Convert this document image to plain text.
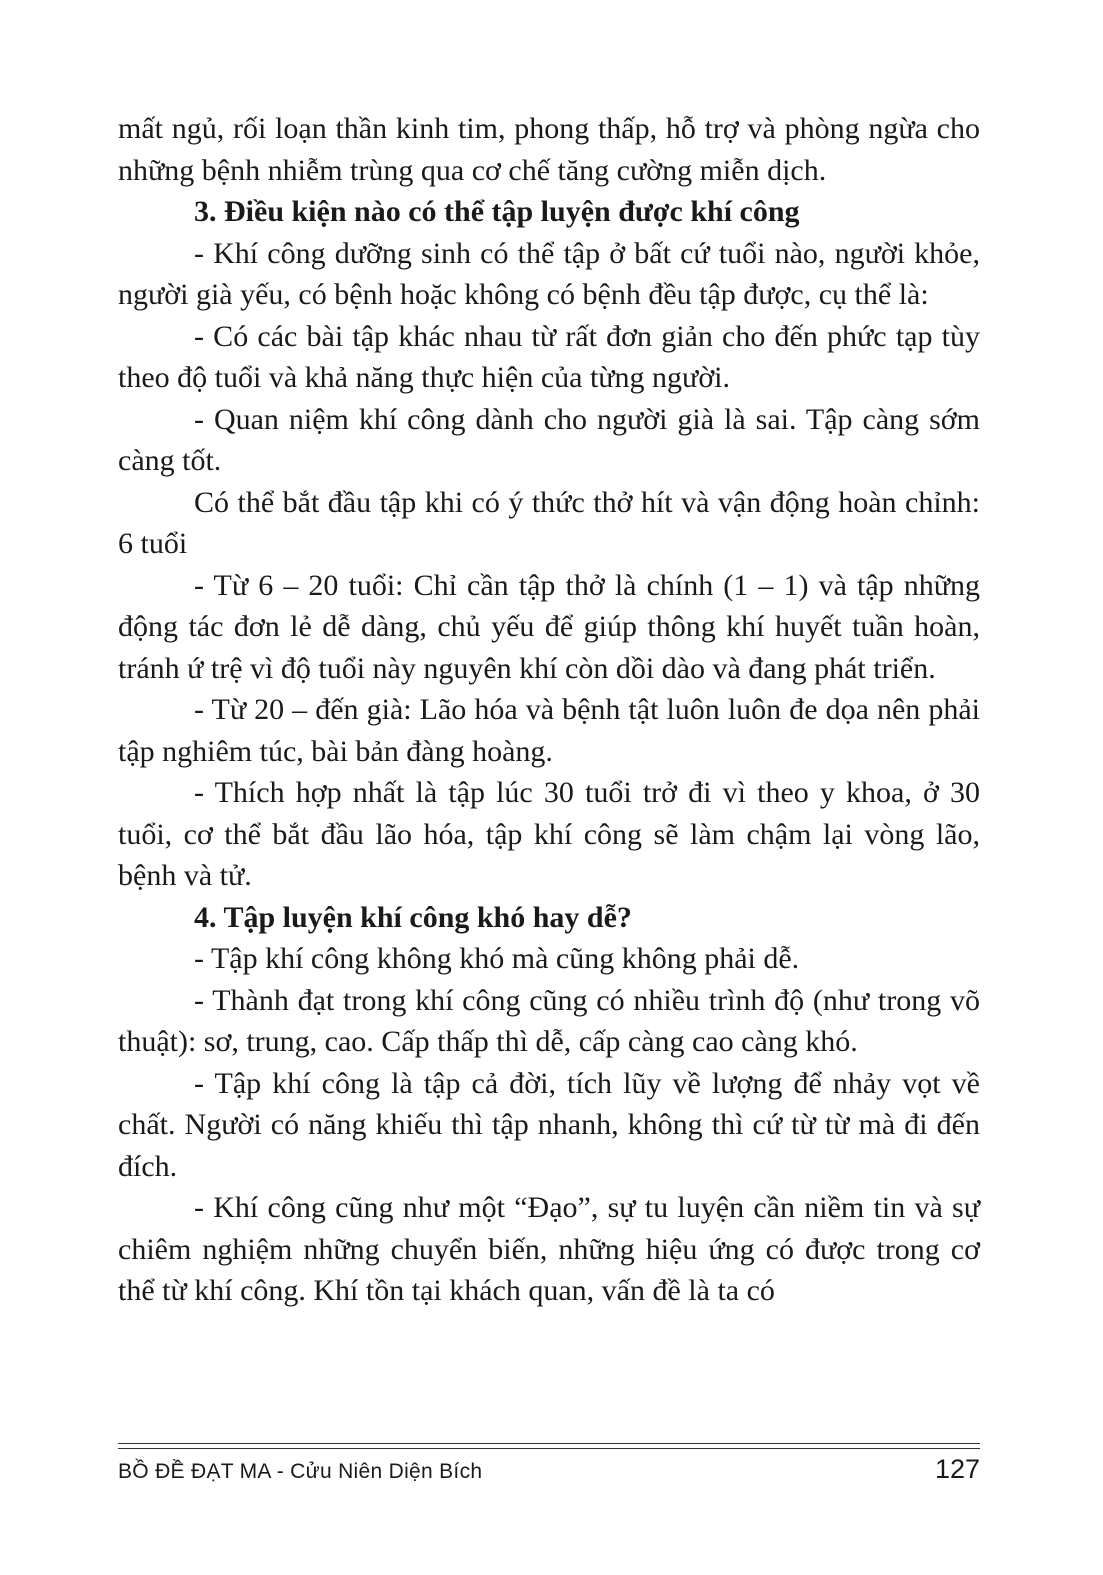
mất ngủ, rối loạn thần kinh tim, phong thấp, hỗ trợ và phòng ngừa cho những bệnh nhiễm trùng qua cơ chế tăng cường miễn dịch.

3. Điều kiện nào có thể tập luyện được khí công

- Khí công dưỡng sinh có thể tập ở bất cứ tuổi nào, người khỏe, người già yếu, có bệnh hoặc không có bệnh đều tập được, cụ thể là:

- Có các bài tập khác nhau từ rất đơn giản cho đến phức tạp tùy theo độ tuổi và khả năng thực hiện của từng người.

- Quan niệm khí công dành cho người già là sai. Tập càng sớm càng tốt.

Có thể bắt đầu tập khi có ý thức thở hít và vận động hoàn chỉnh: 6 tuổi

- Từ 6 – 20 tuổi: Chỉ cần tập thở là chính (1 – 1) và tập những động tác đơn lẻ dễ dàng, chủ yếu để giúp thông khí huyết tuần hoàn, tránh ứ trệ vì độ tuổi này nguyên khí còn dồi dào và đang phát triển.

- Từ 20 – đến già: Lão hóa và bệnh tật luôn luôn đe dọa nên phải tập nghiêm túc, bài bản đàng hoàng.

- Thích hợp nhất là tập lúc 30 tuổi trở đi vì theo y khoa, ở 30 tuổi, cơ thể bắt đầu lão hóa, tập khí công sẽ làm chậm lại vòng lão, bệnh và tử.

4. Tập luyện khí công khó hay dễ?

- Tập khí công không khó mà cũng không phải dễ.

- Thành đạt trong khí công cũng có nhiều trình độ (như trong võ thuật): sơ, trung, cao. Cấp thấp thì dễ, cấp càng cao càng khó.

- Tập khí công là tập cả đời, tích lũy về lượng để nhảy vọt về chất. Người có năng khiếu thì tập nhanh, không thì cứ từ từ mà đi đến đích.

- Khí công cũng như một “Đạo”, sự tu luyện cần niềm tin và sự chiêm nghiệm những chuyển biến, những hiệu ứng có được trong cơ thể từ khí công. Khí tồn tại khách quan, vấn đề là ta có

BỒ ĐỀ ĐẠT MA - Cửu Niên Diện Bích	127
